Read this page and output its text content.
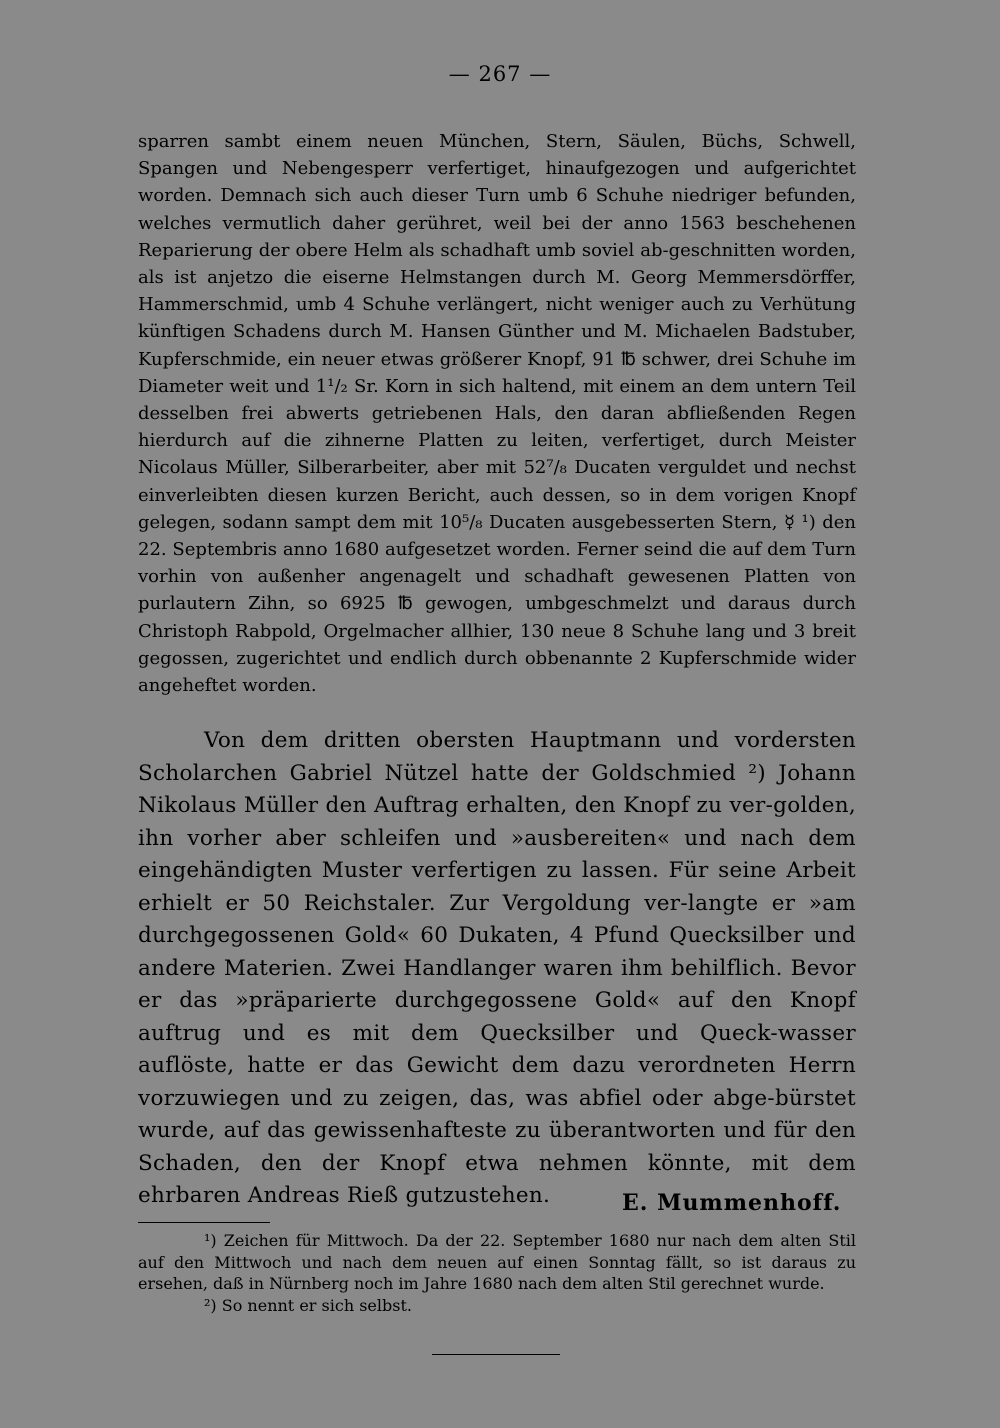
— 267 —
sparren sambt einem neuen München, Stern, Säulen, Büchs, Schwell, Spangen und Nebengesperr verfertiget, hinaufgezogen und aufgerichtet worden. Demnach sich auch dieser Turn umb 6 Schuhe niedriger befunden, welches vermutlich daher gerühret, weil bei der anno 1563 beschehenen Reparierung der obere Helm als schadhaft umb soviel ab-geschnitten worden, als ist anjetzo die eiserne Helmstangen durch M. Georg Memmersdörffer, Hammerschmid, umb 4 Schuhe verlängert, nicht weniger auch zu Verhütung künftigen Schadens durch M. Hansen Günther und M. Michaelen Badstuber, Kupferschmide, ein neuer etwas größerer Knopf, 91 ℔ schwer, drei Schuhe im Diameter weit und 1¹/₂ Sr. Korn in sich haltend, mit einem an dem untern Teil desselben frei abwerts getriebenen Hals, den daran abfließenden Regen hierdurch auf die zihnerne Platten zu leiten, verfertiget, durch Meister Nicolaus Müller, Silberarbeiter, aber mit 52⁷/₈ Ducaten verguldet und nechst einverleibten diesen kurzen Bericht, auch dessen, so in dem vorigen Knopf gelegen, sodann sampt dem mit 10⁵/₈ Ducaten ausgebesserten Stern, ☿ ¹) den 22. Septembris anno 1680 aufgesetzet worden. Ferner seind die auf dem Turn vorhin von außenher angenagelt und schadhaft gewesenen Platten von purlautern Zihn, so 6925 ℔ gewogen, umbgeschmelzt und daraus durch Christoph Rabpold, Orgelmacher allhier, 130 neue 8 Schuhe lang und 3 breit gegossen, zugerichtet und endlich durch obbenannte 2 Kupferschmide wider angeheftet worden.
Von dem dritten obersten Hauptmann und vordersten Scholarchen Gabriel Nützel hatte der Goldschmied ²) Johann Nikolaus Müller den Auftrag erhalten, den Knopf zu ver-golden, ihn vorher aber schleifen und »ausbereiten« und nach dem eingehändigten Muster verfertigen zu lassen. Für seine Arbeit erhielt er 50 Reichstaler. Zur Vergoldung ver-langte er »am durchgegossenen Gold« 60 Dukaten, 4 Pfund Quecksilber und andere Materien. Zwei Handlanger waren ihm behilflich. Bevor er das »präparierte durchgegossene Gold« auf den Knopf auftrug und es mit dem Quecksilber und Queck-wasser auflöste, hatte er das Gewicht dem dazu verordneten Herrn vorzuwiegen und zu zeigen, das, was abfiel oder abge-bürstet wurde, auf das gewissenhafteste zu überantworten und für den Schaden, den der Knopf etwa nehmen könnte, mit dem ehrbaren Andreas Rieß gutzustehen.	E. Mummenhoff.

¹) Zeichen für Mittwoch. Da der 22. September 1680 nur nach dem alten Stil auf den Mittwoch und nach dem neuen auf einen Sonntag fällt, so ist daraus zu ersehen, daß in Nürnberg noch im Jahre 1680 nach dem alten Stil gerechnet wurde.

²) So nennt er sich selbst.
